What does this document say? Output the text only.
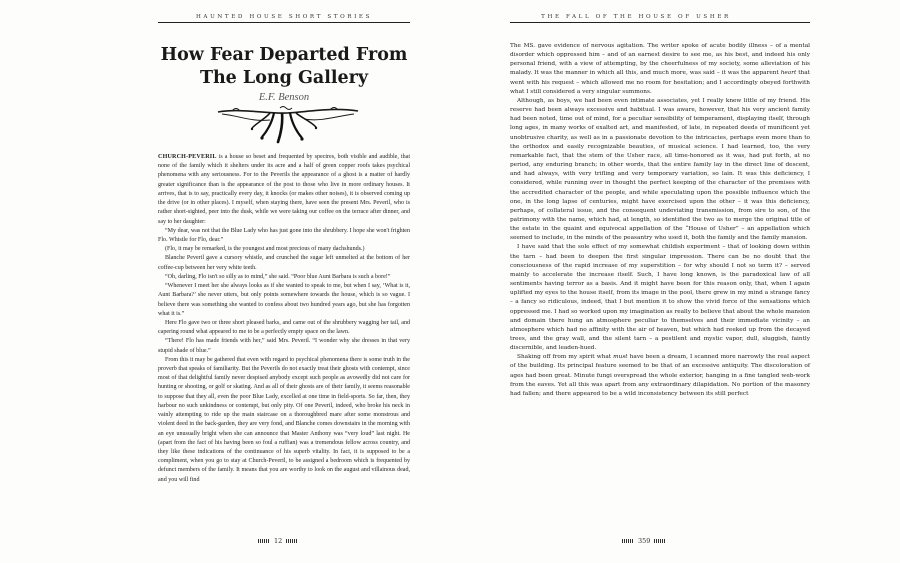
HAUNTED HOUSE SHORT STORIES
How Fear Departed From
The Long Gallery
E.F. Benson

CHURCH-PEVERIL is a house so beset and frequented by spectres, both visible and audible, that none of the family which it shelters under its acre and a half of green copper roofs takes psychical phenomena with any seriousness. For to the Peverils the appearance of a ghost is a matter of hardly greater significance than is the appearance of the post to those who live in more ordinary houses. It arrives, that is to say, practically every day, it knocks (or makes other noises), it is observed coming up the drive (or in other places). I myself, when staying there, have seen the present Mrs. Peveril, who is rather short-sighted, peer into the dusk, while we were taking our coffee on the terrace after dinner, and say to her daughter:

“My dear, was not that the Blue Lady who has just gone into the shrubbery. I hope she won't frighten Flo. Whistle for Flo, dear.”

(Flo, it may be remarked, is the youngest and most precious of many dachshunds.)

Blanche Peveril gave a cursory whistle, and crunched the sugar left unmelted at the bottom of her coffee-cup between her very white teeth.

“Oh, darling, Flo isn't so silly as to mind,” she said. “Poor blue Aunt Barbara is such a bore!”

“Whenever I meet her she always looks as if she wanted to speak to me, but when I say, ‘What is it, Aunt Barbara?’ she never utters, but only points somewhere towards the house, which is so vague. I believe there was something she wanted to confess about two hundred years ago, but she has forgotten what it is.”

Here Flo gave two or three short pleased barks, and came out of the shrubbery wagging her tail, and capering round what appeared to me to be a perfectly empty space on the lawn.

“There! Flo has made friends with her,” said Mrs. Peveril. “I wonder why she dresses in that very stupid shade of blue.”

From this it may be gathered that even with regard to psychical phenomena there is some truth in the proverb that speaks of familiarity. But the Peverils do not exactly treat their ghosts with contempt, since most of that delightful family never despised anybody except such people as avowedly did not care for hunting or shooting, or golf or skating. And as all of their ghosts are of their family, it seems reasonable to suppose that they all, even the poor Blue Lady, excelled at one time in field-sports. So far, then, they harbour no such unkindness or contempt, but only pity. Of one Peveril, indeed, who broke his neck in vainly attempting to ride up the main staircase on a thoroughbred mare after some monstrous and violent deed in the back-garden, they are very fond, and Blanche comes downstairs in the morning with an eye unusually bright when she can announce that Master Anthony was “very loud” last night. He (apart from the fact of his having been so foul a ruffian) was a tremendous fellow across country, and they like these indications of the continuance of his superb vitality. In fact, it is supposed to be a compliment, when you go to stay at Church-Peveril, to be assigned a bedroom which is frequented by defunct members of the family. It means that you are worthy to look on the august and villainous dead, and you will find

12
THE FALL OF THE HOUSE OF USHER

The MS. gave evidence of nervous agitation. The writer spoke of acute bodily illness – of a mental disorder which oppressed him – and of an earnest desire to see me, as his best, and indeed his only personal friend, with a view of attempting, by the cheerfulness of my society, some alleviation of his malady. It was the manner in which all this, and much more, was said – it was the apparent heart that went with his request – which allowed me no room for hesitation; and I accordingly obeyed forthwith what I still considered a very singular summons.

Although, as boys, we had been even intimate associates, yet I really knew little of my friend. His reserve had been always excessive and habitual. I was aware, however, that his very ancient family had been noted, time out of mind, for a peculiar sensibility of temperament, displaying itself, through long ages, in many works of exalted art, and manifested, of late, in repeated deeds of munificent yet unobtrusive charity, as well as in a passionate devotion to the intricacies, perhaps even more than to the orthodox and easily recognizable beauties, of musical science. I had learned, too, the very remarkable fact, that the stem of the Usher race, all time-honored as it was, had put forth, at no period, any enduring branch; in other words, that the entire family lay in the direct line of descent, and had always, with very trifling and very temporary variation, so lain. It was this deficiency, I considered, while running over in thought the perfect keeping of the character of the premises with the accredited character of the people, and while speculating upon the possible influence which the one, in the long lapse of centuries, might have exercised upon the other – it was this deficiency, perhaps, of collateral issue, and the consequent undeviating transmission, from sire to son, of the patrimony with the name, which had, at length, so identified the two as to merge the original title of the estate in the quaint and equivocal appellation of the “House of Usher” – an appellation which seemed to include, in the minds of the peasantry who used it, both the family and the family mansion.

I have said that the sole effect of my somewhat childish experiment – that of looking down within the tarn – had been to deepen the first singular impression. There can be no doubt that the consciousness of the rapid increase of my superstition – for why should I not so term it? – served mainly to accelerate the increase itself. Such, I have long known, is the paradoxical law of all sentiments having terror as a basis. And it might have been for this reason only, that, when I again uplifted my eyes to the house itself, from its image in the pool, there grew in my mind a strange fancy – a fancy so ridiculous, indeed, that I but mention it to show the vivid force of the sensations which oppressed me. I had so worked upon my imagination as really to believe that about the whole mansion and domain there hung an atmosphere peculiar to themselves and their immediate vicinity – an atmosphere which had no affinity with the air of heaven, but which had reeked up from the decayed trees, and the gray wall, and the silent tarn – a pestilent and mystic vapor, dull, sluggish, faintly discernible, and leaden-hued.

Shaking off from my spirit what must have been a dream, I scanned more narrowly the real aspect of the building. Its principal feature seemed to be that of an excessive antiquity. The discoloration of ages had been great. Minute fungi overspread the whole exterior, hanging in a fine tangled web-work from the eaves. Yet all this was apart from any extraordinary dilapidation. No portion of the masonry had fallen; and there appeared to be a wild inconsistency between its still perfect

359
